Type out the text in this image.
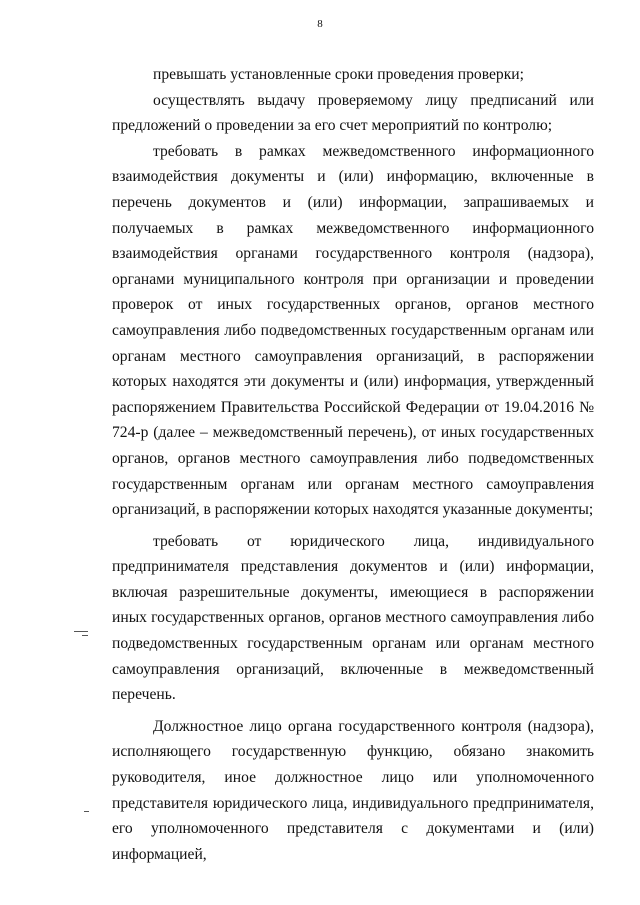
8

превышать установленные сроки проведения проверки;

осуществлять выдачу проверяемому лицу предписаний или предложений о проведении за его счет мероприятий по контролю;

требовать в рамках межведомственного информационного взаимодействия документы и (или) информацию, включенные в перечень документов и (или) информации, запрашиваемых и получаемых в рамках межведомственного информационного взаимодействия органами государственного контроля (надзора), органами муниципального контроля при организации и проведении проверок от иных государственных органов, органов местного самоуправления либо подведомственных государственным органам или органам местного самоуправления организаций, в распоряжении которых находятся эти документы и (или) информация, утвержденный распоряжением Правительства Российской Федерации от 19.04.2016 № 724-р (далее – межведомственный перечень), от иных государственных органов, органов местного самоуправления либо подведомственных государственным органам или органам местного самоуправления организаций, в распоряжении которых находятся указанные документы;

требовать от юридического лица, индивидуального предпринимателя представления документов и (или) информации, включая разрешительные документы, имеющиеся в распоряжении иных государственных органов, органов местного самоуправления либо подведомственных государственным органам или органам местного самоуправления организаций, включенные в межведомственный перечень.

Должностное лицо органа государственного контроля (надзора), исполняющего государственную функцию, обязано знакомить руководителя, иное должностное лицо или уполномоченного представителя юридического лица, индивидуального предпринимателя, его уполномоченного представителя с документами и (или) информацией,
